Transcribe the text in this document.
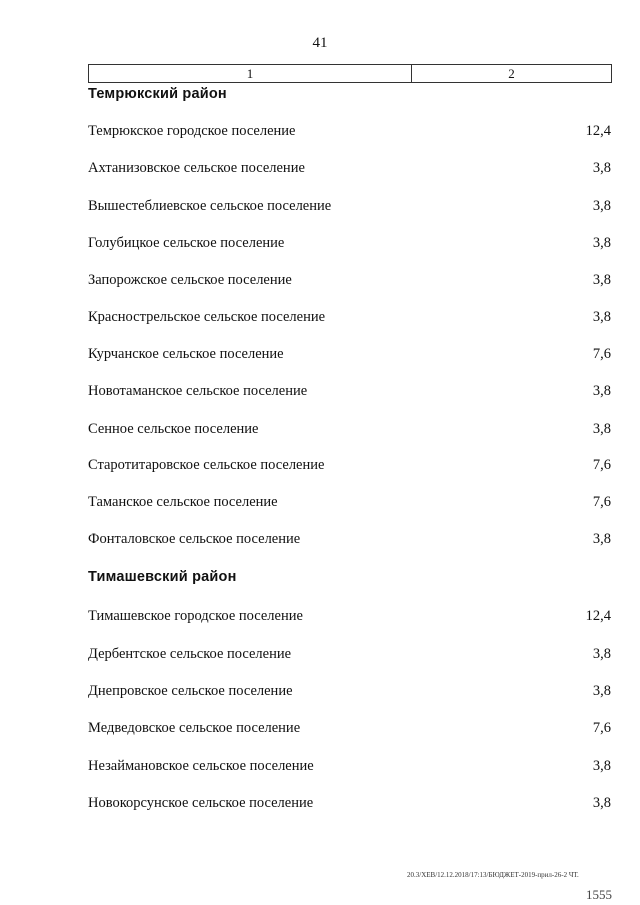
41
1	2
Темрюкский район
Темрюкское городское поселение	12,4
Ахтанизовское сельское поселение	3,8
Вышестеблиевское сельское поселение	3,8
Голубицкое сельское поселение	3,8
Запорожское сельское поселение	3,8
Краснострельское сельское поселение	3,8
Курчанское сельское поселение	7,6
Новотаманское сельское поселение	3,8
Сенное сельское поселение	3,8
Старотитаровское сельское поселение	7,6
Таманское сельское поселение	7,6
Фонталовское сельское поселение	3,8
Тимашевский район
Тимашевское городское поселение	12,4
Дербентское сельское поселение	3,8
Днепровское сельское поселение	3,8
Медведовское сельское поселение	7,6
Незаймановское сельское поселение	3,8
Новокорсунское сельское поселение	3,8
20.3/ХЕВ/12.12.2018/17:13/БЮДЖЕТ-2019-прил-26-2 ЧТ.
1555
